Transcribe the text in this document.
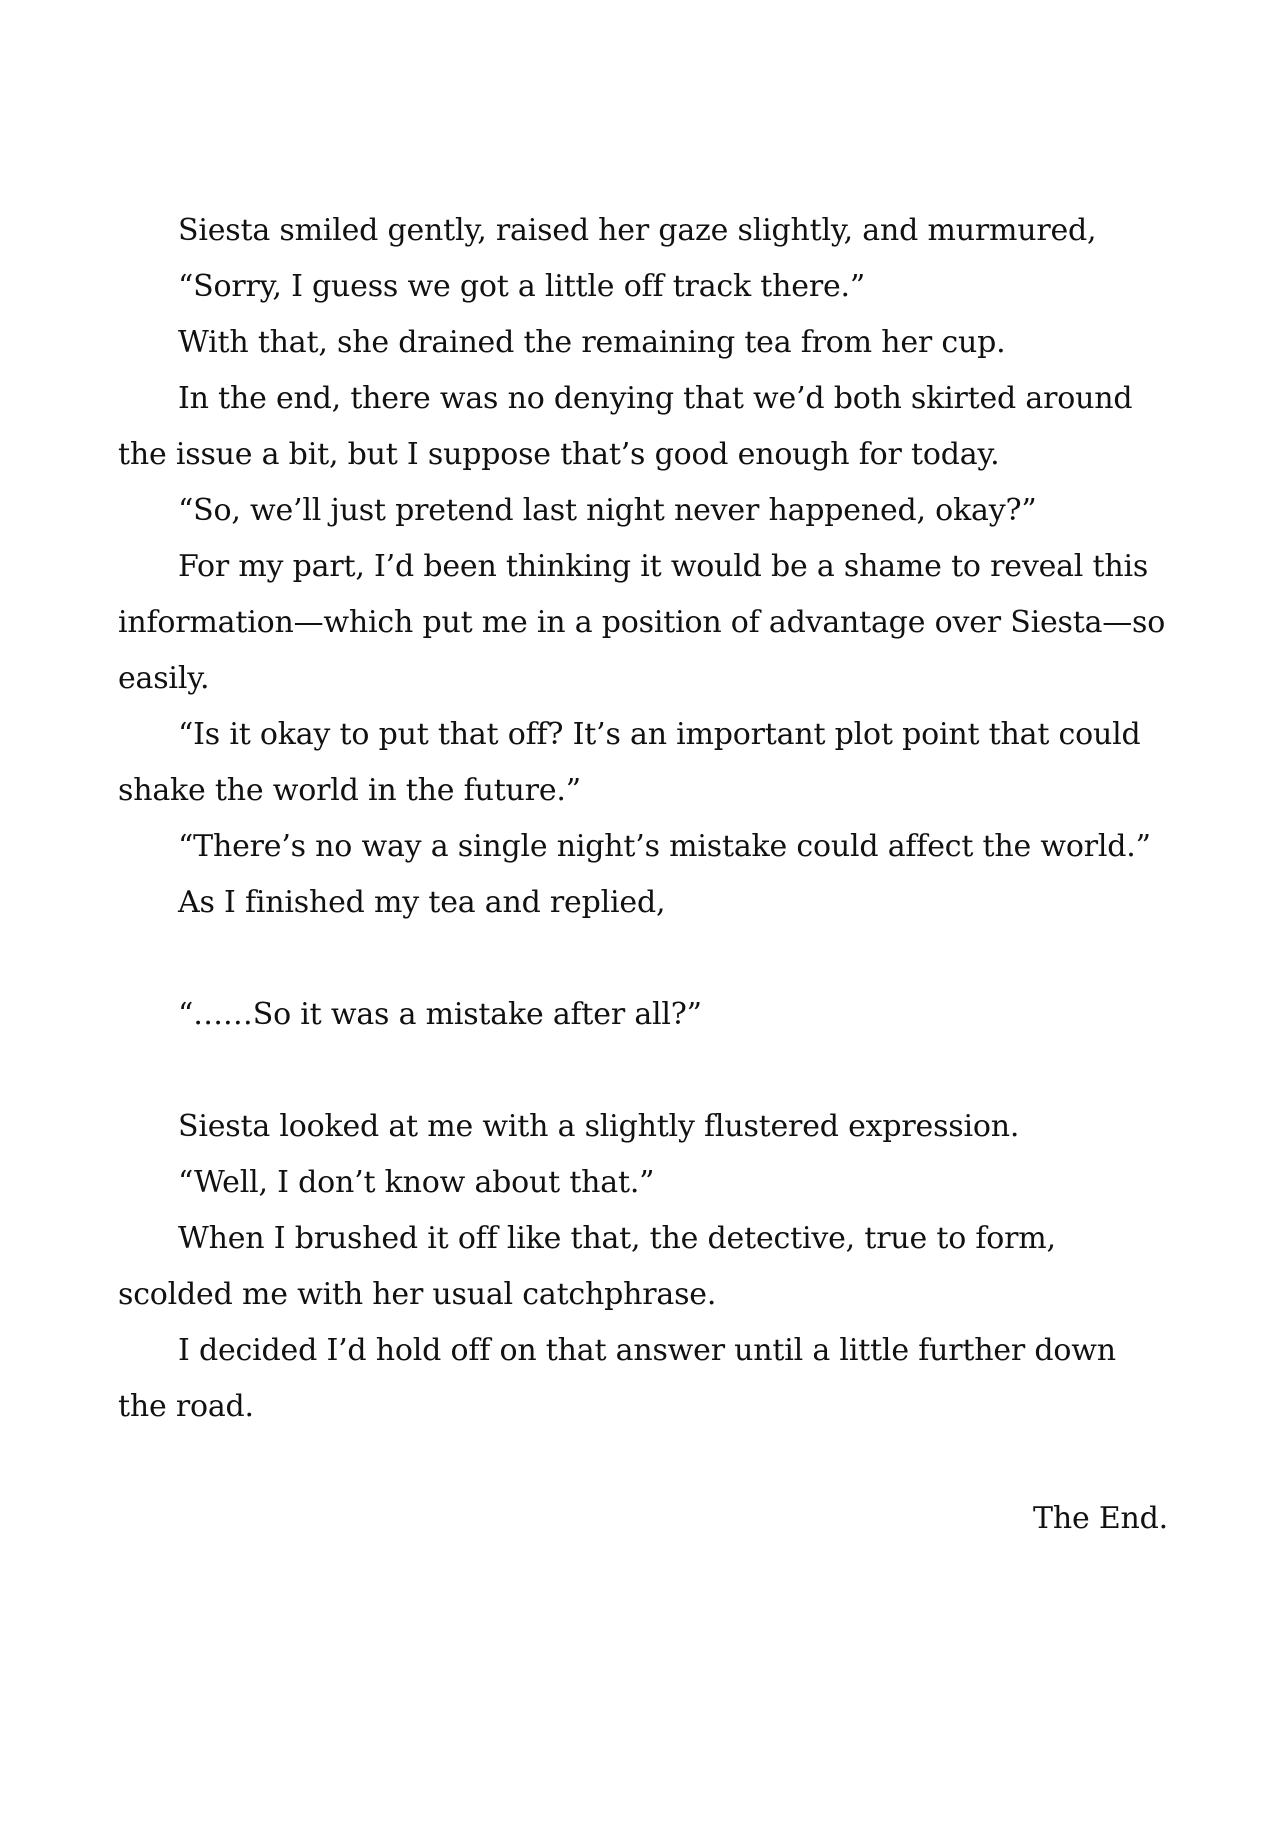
Siesta smiled gently, raised her gaze slightly, and murmured,

“Sorry, I guess we got a little off track there.”

With that, she drained the remaining tea from her cup.

In the end, there was no denying that we’d both skirted around the issue a bit, but I suppose that’s good enough for today.

“So, we’ll just pretend last night never happened, okay?”

For my part, I’d been thinking it would be a shame to reveal this information—which put me in a position of advantage over Siesta—so easily.

“Is it okay to put that off? It’s an important plot point that could shake the world in the future.”

“There’s no way a single night’s mistake could affect the world.”

As I finished my tea and replied,

“……So it was a mistake after all?”

Siesta looked at me with a slightly flustered expression.

“Well, I don’t know about that.”

When I brushed it off like that, the detective, true to form, scolded me with her usual catchphrase.

I decided I’d hold off on that answer until a little further down the road.

The End.
